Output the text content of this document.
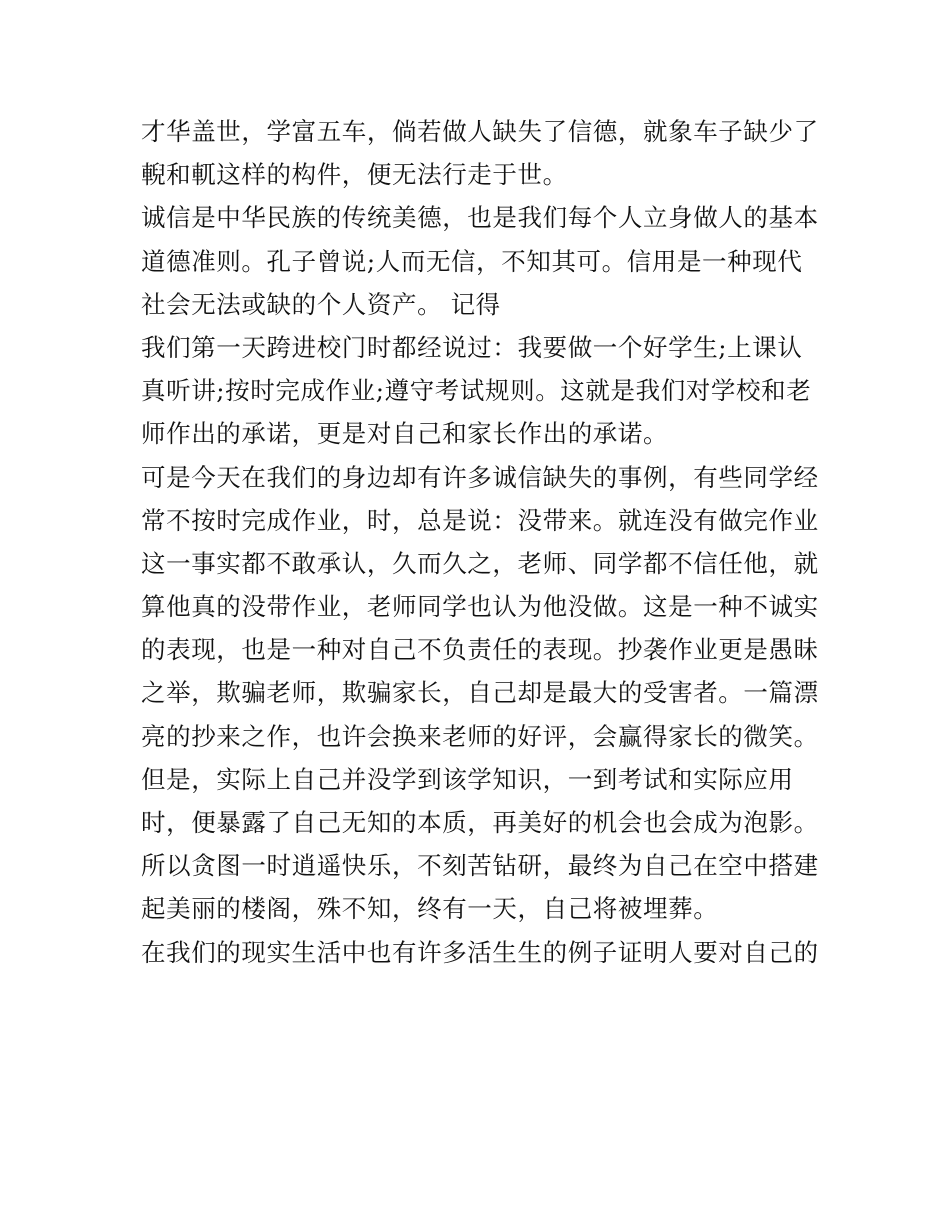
才华盖世，学富五车，倘若做人缺失了信德，就象车子缺少了
輗和軏这样的构件，便无法行走于世。
诚信是中华民族的传统美德，也是我们每个人立身做人的基本
道德准则。孔子曾说;人而无信，不知其可。信用是一种现代
社会无法或缺的个人资产。 记得
我们第一天跨进校门时都经说过：我要做一个好学生;上课认
真听讲;按时完成作业;遵守考试规则。这就是我们对学校和老
师作出的承诺，更是对自己和家长作出的承诺。
可是今天在我们的身边却有许多诚信缺失的事例，有些同学经
常不按时完成作业，时，总是说：没带来。就连没有做完作业
这一事实都不敢承认，久而久之，老师、同学都不信任他，就
算他真的没带作业，老师同学也认为他没做。这是一种不诚实
的表现，也是一种对自己不负责任的表现。抄袭作业更是愚昧
之举，欺骗老师，欺骗家长，自己却是最大的受害者。一篇漂
亮的抄来之作，也许会换来老师的好评，会赢得家长的微笑。
但是，实际上自己并没学到该学知识，一到考试和实际应用
时，便暴露了自己无知的本质，再美好的机会也会成为泡影。
所以贪图一时逍遥快乐，不刻苦钻研，最终为自己在空中搭建
起美丽的楼阁，殊不知，终有一天，自己将被埋葬。
在我们的现实生活中也有许多活生生的例子证明人要对自己的
